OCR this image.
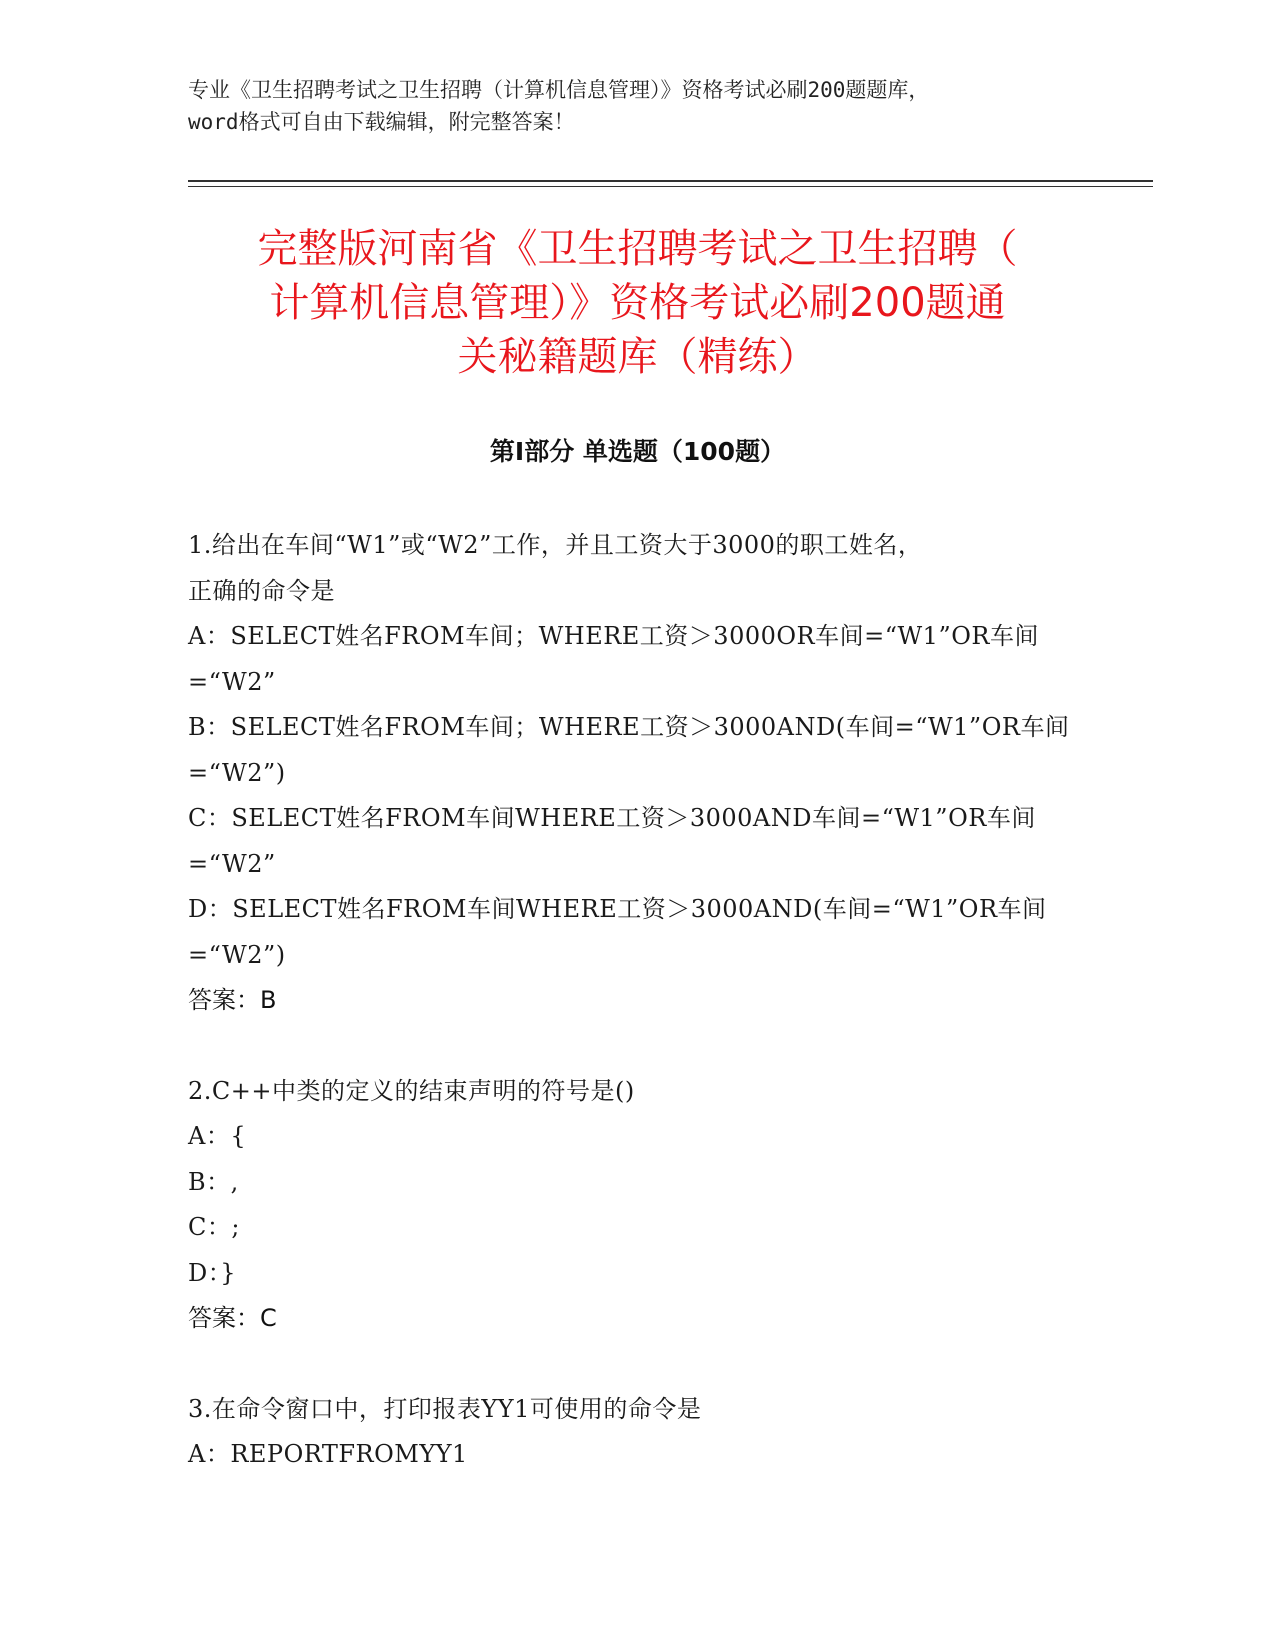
专业《卫生招聘考试之卫生招聘（计算机信息管理）》资格考试必刷200题题库，
word格式可自由下载编辑，附完整答案！
完整版河南省《卫生招聘考试之卫生招聘（
计算机信息管理）》资格考试必刷200题通
关秘籍题库（精练）
第Ⅰ部分 单选题（100题）
1.给出在车间“W1”或“W2”工作，并且工资大于3000的职工姓名，
正确的命令是
A：SELECT姓名FROM车间；WHERE工资＞3000OR车间=“W1”OR车间
=“W2”
B：SELECT姓名FROM车间；WHERE工资＞3000AND(车间=“W1”OR车间
=“W2”)
C：SELECT姓名FROM车间WHERE工资＞3000AND车间=“W1”OR车间
=“W2”
D：SELECT姓名FROM车间WHERE工资＞3000AND(车间=“W1”OR车间
=“W2”)
答案：B
2.C++中类的定义的结束声明的符号是()
A：{
B：,
C：;
D：}
答案：C
3.在命令窗口中，打印报表YY1可使用的命令是
A：REPORTFROMYY1
